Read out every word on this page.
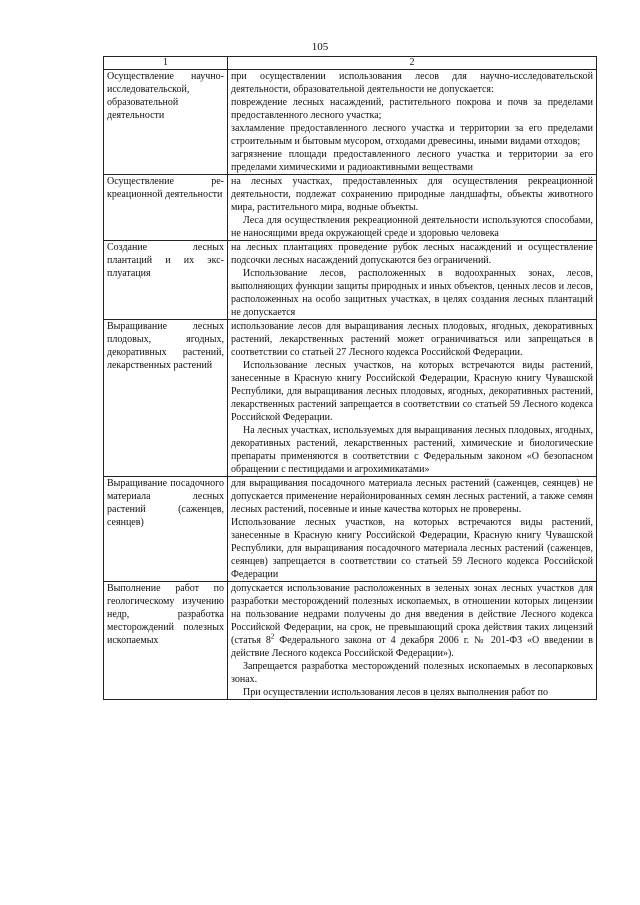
105
1	2
Осуществление научно-исследовательской, образовательной деятельности	при осуществлении использования лесов для научно-исследовательской деятельности, образовательной деятельности не допускается:

повреждение лесных насаждений, растительного покрова и почв за пределами предоставленного лесного участка;

захламление предоставленного лесного участка и территории за его пределами строительным и бытовым мусором, отходами древесины, иными видами отходов;

загрязнение площади предоставленного лесного участка и территории за его пределами химическими и радиоактивными веществами

Осуществление рекреационной деятельности	на лесных участках, предоставленных для осуществления рекреационной деятельности, подлежат сохранению природные ландшафты, объекты животного мира, растительного мира, водные объекты.

Леса для осуществления рекреационной деятельности используются способами, не наносящими вреда окружающей среде и здоровью человека

Создание лесных плантаций и их эксплуатация	на лесных плантациях проведение рубок лесных насаждений и осуществление подсочки лесных насаждений допускаются без ограничений.

Использование лесов, расположенных в водоохранных зонах, лесов, выполняющих функции защиты природных и иных объектов, ценных лесов и лесов, расположенных на особо защитных участках, в целях создания лесных плантаций не допускается

Выращивание лесных плодовых, ягодных, декоративных растений, лекарственных растений	использование лесов для выращивания лесных плодовых, ягодных, декоративных растений, лекарственных растений может ограничиваться или запрещаться в соответствии со статьей 27 Лесного кодекса Российской Федерации.

Использование лесных участков, на которых встречаются виды растений, занесенные в Красную книгу Российской Федерации, Красную книгу Чувашской Республики, для выращивания лесных плодовых, ягодных, декоративных растений, лекарственных растений запрещается в соответствии со статьей 59 Лесного кодекса Российской Федерации.

На лесных участках, используемых для выращивания лесных плодовых, ягодных, декоративных растений, лекарственных растений, химические и биологические препараты применяются в соответствии с Федеральным законом «О безопасном обращении с пестицидами и агрохимикатами»

Выращивание посадочного материала лесных растений (саженцев, сеянцев)	для выращивания посадочного материала лесных растений (саженцев, сеянцев) не допускается применение нерайонированных семян лесных растений, а также семян лесных растений, посевные и иные качества которых не проверены.

Использование лесных участков, на которых встречаются виды растений, занесенные в Красную книгу Российской Федерации, Красную книгу Чувашской Республики, для выращивания посадочного материала лесных растений (саженцев, сеянцев) запрещается в соответствии со статьей 59 Лесного кодекса Российской Федерации

Выполнение работ по геологическому изучению недр, разработка месторождений полезных ископаемых	допускается использование расположенных в зеленых зонах лесных участков для разработки месторождений полезных ископаемых, в отношении которых лицензии на пользование недрами получены до дня введения в действие Лесного кодекса Российской Федерации, на срок, не превышающий срока действия таких лицензий (статья $8^2$ Федерального закона от 4 декабря 2006 г. № 201-ФЗ «О введении в действие Лесного кодекса Российской Федерации»).

Запрещается разработка месторождений полезных ископаемых в лесопарковых зонах.

При осуществлении использования лесов в целях выполнения работ по
